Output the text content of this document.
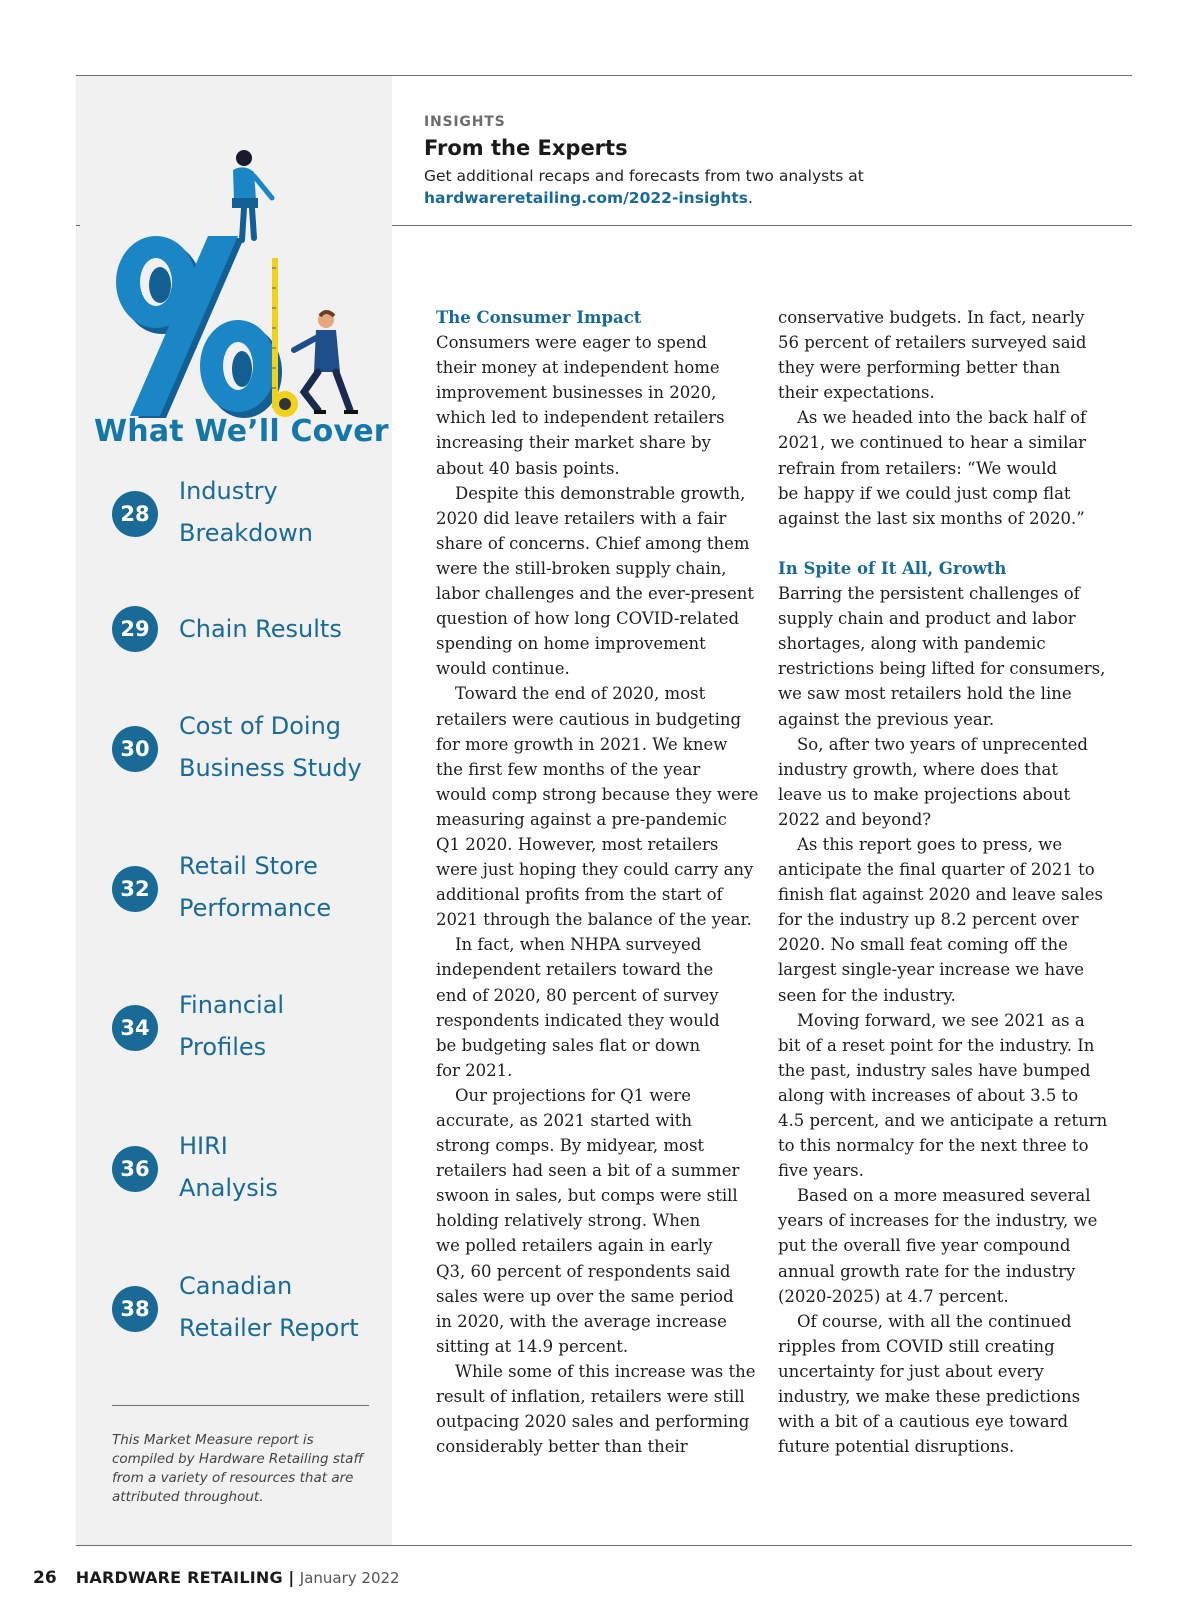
What We’ll Cover
28
Industry
Breakdown
29	Chain Results
30
Cost of Doing
Business Study
32
Retail Store
Performance
34
Financial
Profiles
36
HIRI
Analysis
38
Canadian
Retailer Report
This Market Measure report is compiled by Hardware Retailing staff from a variety of resources that are attributed throughout.
INSIGHTS
From the Experts
Get additional recaps and forecasts from two analysts at
hardwareretailing.com/2022-insights.
The Consumer Impact
Consumers were eager to spend
their money at independent home
improvement businesses in 2020,
which led to independent retailers
increasing their market share by
about 40 basis points.
Despite this demonstrable growth,
2020 did leave retailers with a fair
share of concerns. Chief among them
were the still-broken supply chain,
labor challenges and the ever-present
question of how long COVID-related
spending on home improvement
would continue.
Toward the end of 2020, most
retailers were cautious in budgeting
for more growth in 2021. We knew
the first few months of the year
would comp strong because they were
measuring against a pre-pandemic
Q1 2020. However, most retailers
were just hoping they could carry any
additional profits from the start of
2021 through the balance of the year.
In fact, when NHPA surveyed
independent retailers toward the
end of 2020, 80 percent of survey
respondents indicated they would
be budgeting sales flat or down
for 2021.
Our projections for Q1 were
accurate, as 2021 started with
strong comps. By midyear, most
retailers had seen a bit of a summer
swoon in sales, but comps were still
holding relatively strong. When
we polled retailers again in early
Q3, 60 percent of respondents said
sales were up over the same period
in 2020, with the average increase
sitting at 14.9 percent.
While some of this increase was the
result of inflation, retailers were still
outpacing 2020 sales and performing
considerably better than their
conservative budgets. In fact, nearly
56 percent of retailers surveyed said
they were performing better than
their expectations.
As we headed into the back half of
2021, we continued to hear a similar
refrain from retailers: “We would
be happy if we could just comp flat
against the last six months of 2020.”
In Spite of It All, Growth
Barring the persistent challenges of
supply chain and product and labor
shortages, along with pandemic
restrictions being lifted for consumers,
we saw most retailers hold the line
against the previous year.
So, after two years of unprecented
industry growth, where does that
leave us to make projections about
2022 and beyond?
As this report goes to press, we
anticipate the final quarter of 2021 to
finish flat against 2020 and leave sales
for the industry up 8.2 percent over
2020. No small feat coming off the
largest single-year increase we have
seen for the industry.
Moving forward, we see 2021 as a
bit of a reset point for the industry. In
the past, industry sales have bumped
along with increases of about 3.5 to
4.5 percent, and we anticipate a return
to this normalcy for the next three to
five years.
Based on a more measured several
years of increases for the industry, we
put the overall five year compound
annual growth rate for the industry
(2020-2025) at 4.7 percent.
Of course, with all the continued
ripples from COVID still creating
uncertainty for just about every
industry, we make these predictions
with a bit of a cautious eye toward
future potential disruptions.
26 HARDWARE RETAILING | January 2022
